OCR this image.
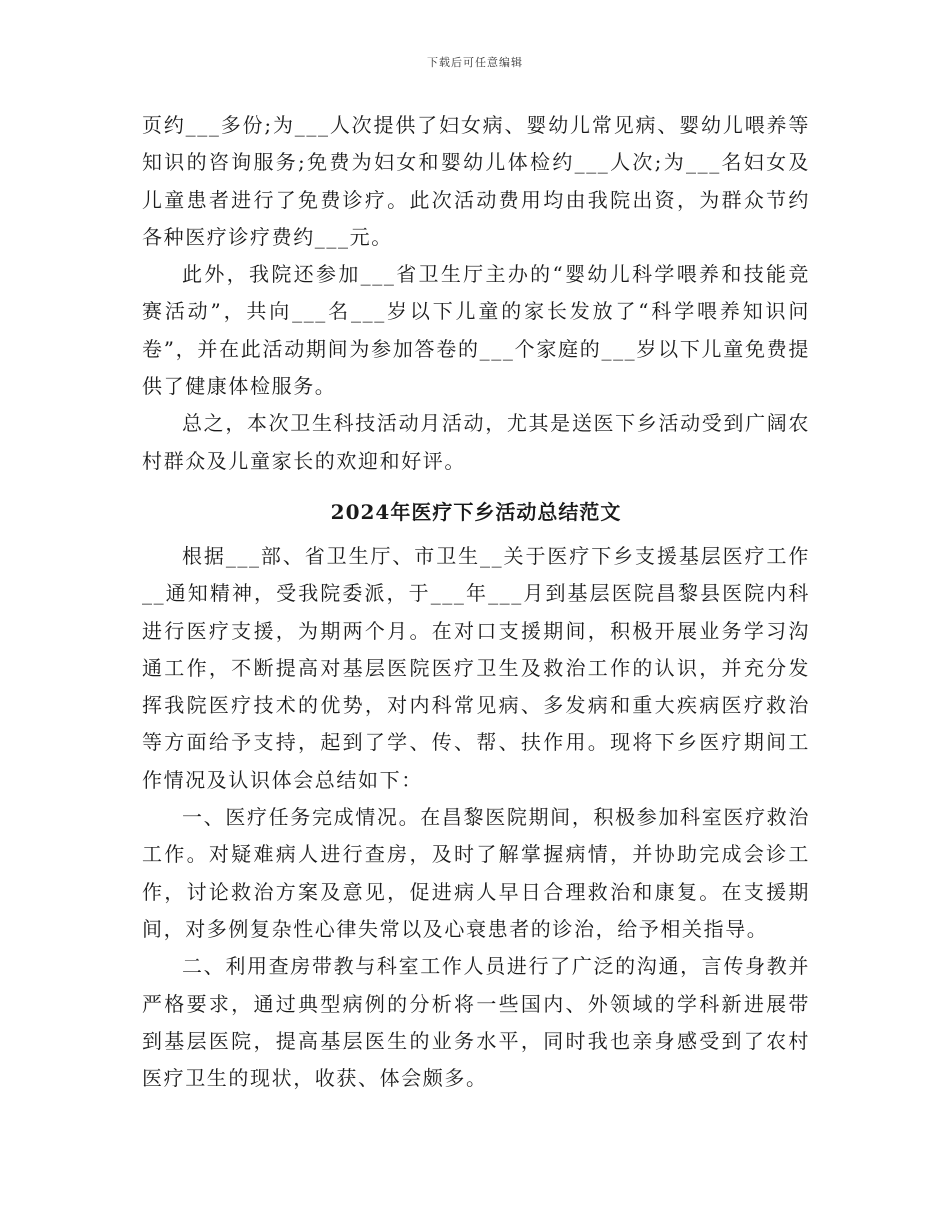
下载后可任意编辑

页约___多份;为___人次提供了妇女病、婴幼儿常见病、婴幼儿喂养等知识的咨询服务;免费为妇女和婴幼儿体检约___人次;为___名妇女及儿童患者进行了免费诊疗。此次活动费用均由我院出资，为群众节约各种医疗诊疗费约___元。

此外，我院还参加___省卫生厅主办的“婴幼儿科学喂养和技能竞赛活动”，共向___名___岁以下儿童的家长发放了“科学喂养知识问卷”，并在此活动期间为参加答卷的___个家庭的___岁以下儿童免费提供了健康体检服务。

总之，本次卫生科技活动月活动，尤其是送医下乡活动受到广阔农村群众及儿童家长的欢迎和好评。

2024年医疗下乡活动总结范文

根据___部、省卫生厅、市卫生__关于医疗下乡支援基层医疗工作__通知精神，受我院委派，于___年___月到基层医院昌黎县医院内科进行医疗支援，为期两个月。在对口支援期间，积极开展业务学习沟通工作，不断提高对基层医院医疗卫生及救治工作的认识，并充分发挥我院医疗技术的优势，对内科常见病、多发病和重大疾病医疗救治等方面给予支持，起到了学、传、帮、扶作用。现将下乡医疗期间工作情况及认识体会总结如下：

一、医疗任务完成情况。在昌黎医院期间，积极参加科室医疗救治工作。对疑难病人进行查房，及时了解掌握病情，并协助完成会诊工作，讨论救治方案及意见，促进病人早日合理救治和康复。在支援期间，对多例复杂性心律失常以及心衰患者的诊治，给予相关指导。

二、利用查房带教与科室工作人员进行了广泛的沟通，言传身教并严格要求，通过典型病例的分析将一些国内、外领域的学科新进展带到基层医院，提高基层医生的业务水平，同时我也亲身感受到了农村医疗卫生的现状，收获、体会颇多。
